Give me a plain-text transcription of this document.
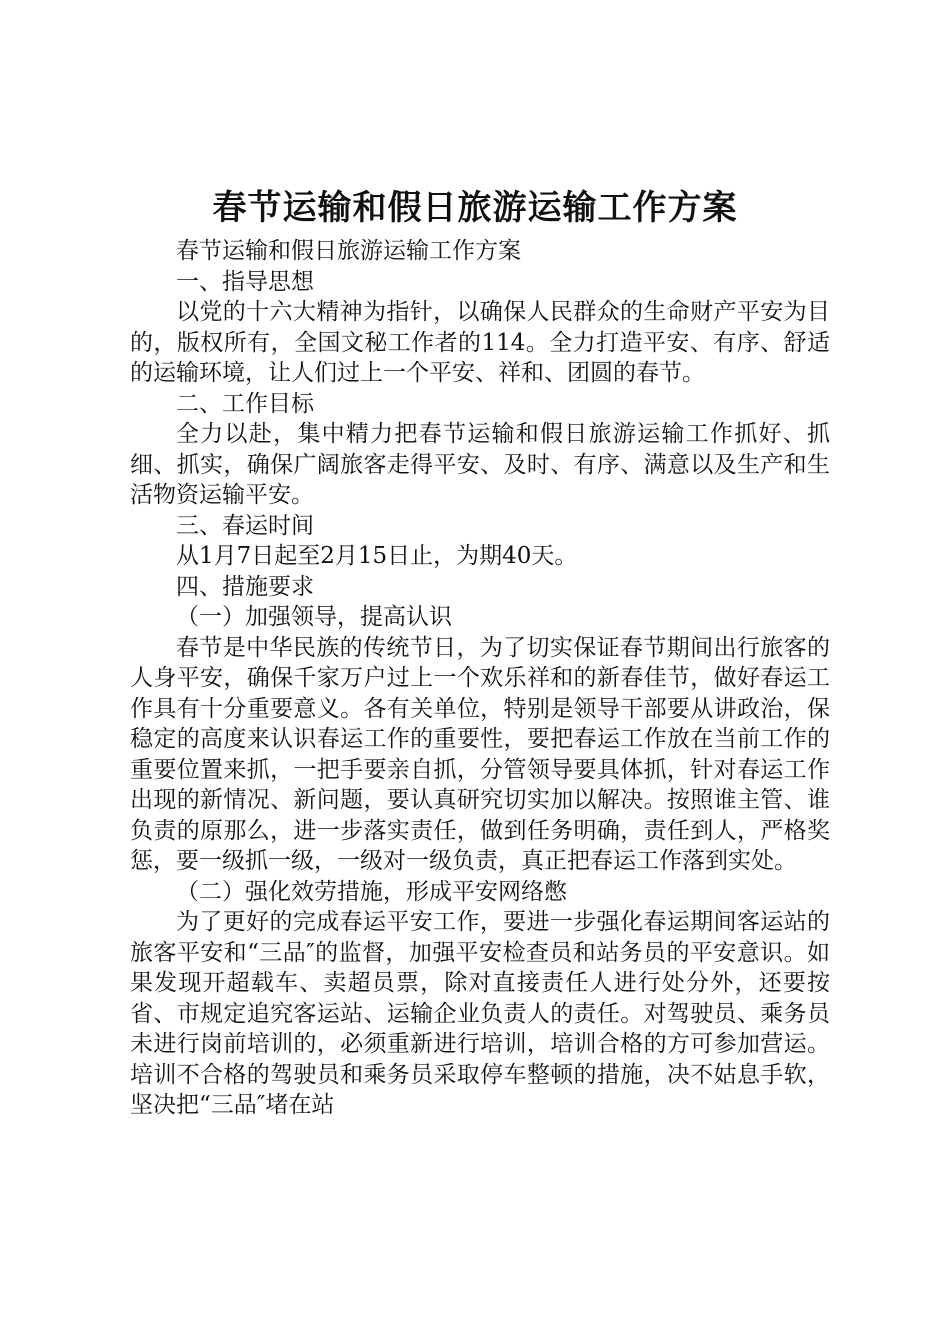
春节运输和假日旅游运输工作方案

春节运输和假日旅游运输工作方案

一、指导思想

以党的十六大精神为指针，以确保人民群众的生命财产平安为目的，版权所有，全国文秘工作者的114。全力打造平安、有序、舒适的运输环境，让人们过上一个平安、祥和、团圆的春节。

二、工作目标

全力以赴，集中精力把春节运输和假日旅游运输工作抓好、抓细、抓实，确保广阔旅客走得平安、及时、有序、满意以及生产和生活物资运输平安。

三、春运时间

从1月7日起至2月15日止，为期40天。

四、措施要求

（一）加强领导，提高认识

春节是中华民族的传统节日，为了切实保证春节期间出行旅客的人身平安，确保千家万户过上一个欢乐祥和的新春佳节，做好春运工作具有十分重要意义。各有关单位，特别是领导干部要从讲政治，保稳定的高度来认识春运工作的重要性，要把春运工作放在当前工作的重要位置来抓，一把手要亲自抓，分管领导要具体抓，针对春运工作出现的新情况、新问题，要认真研究切实加以解决。按照谁主管、谁负责的原那么，进一步落实责任，做到任务明确，责任到人，严格奖惩，要一级抓一级，一级对一级负责，真正把春运工作落到实处。

（二）强化效劳措施，形成平安网络憋

为了更好的完成春运平安工作，要进一步强化春运期间客运站的旅客平安和“三品″的监督，加强平安检查员和站务员的平安意识。如果发现开超载车、卖超员票，除对直接责任人进行处分外，还要按省、市规定追究客运站、运输企业负责人的责任。对驾驶员、乘务员未进行岗前培训的，必须重新进行培训，培训合格的方可参加营运。培训不合格的驾驶员和乘务员采取停车整顿的措施，决不姑息手软，坚决把“三品″堵在站
